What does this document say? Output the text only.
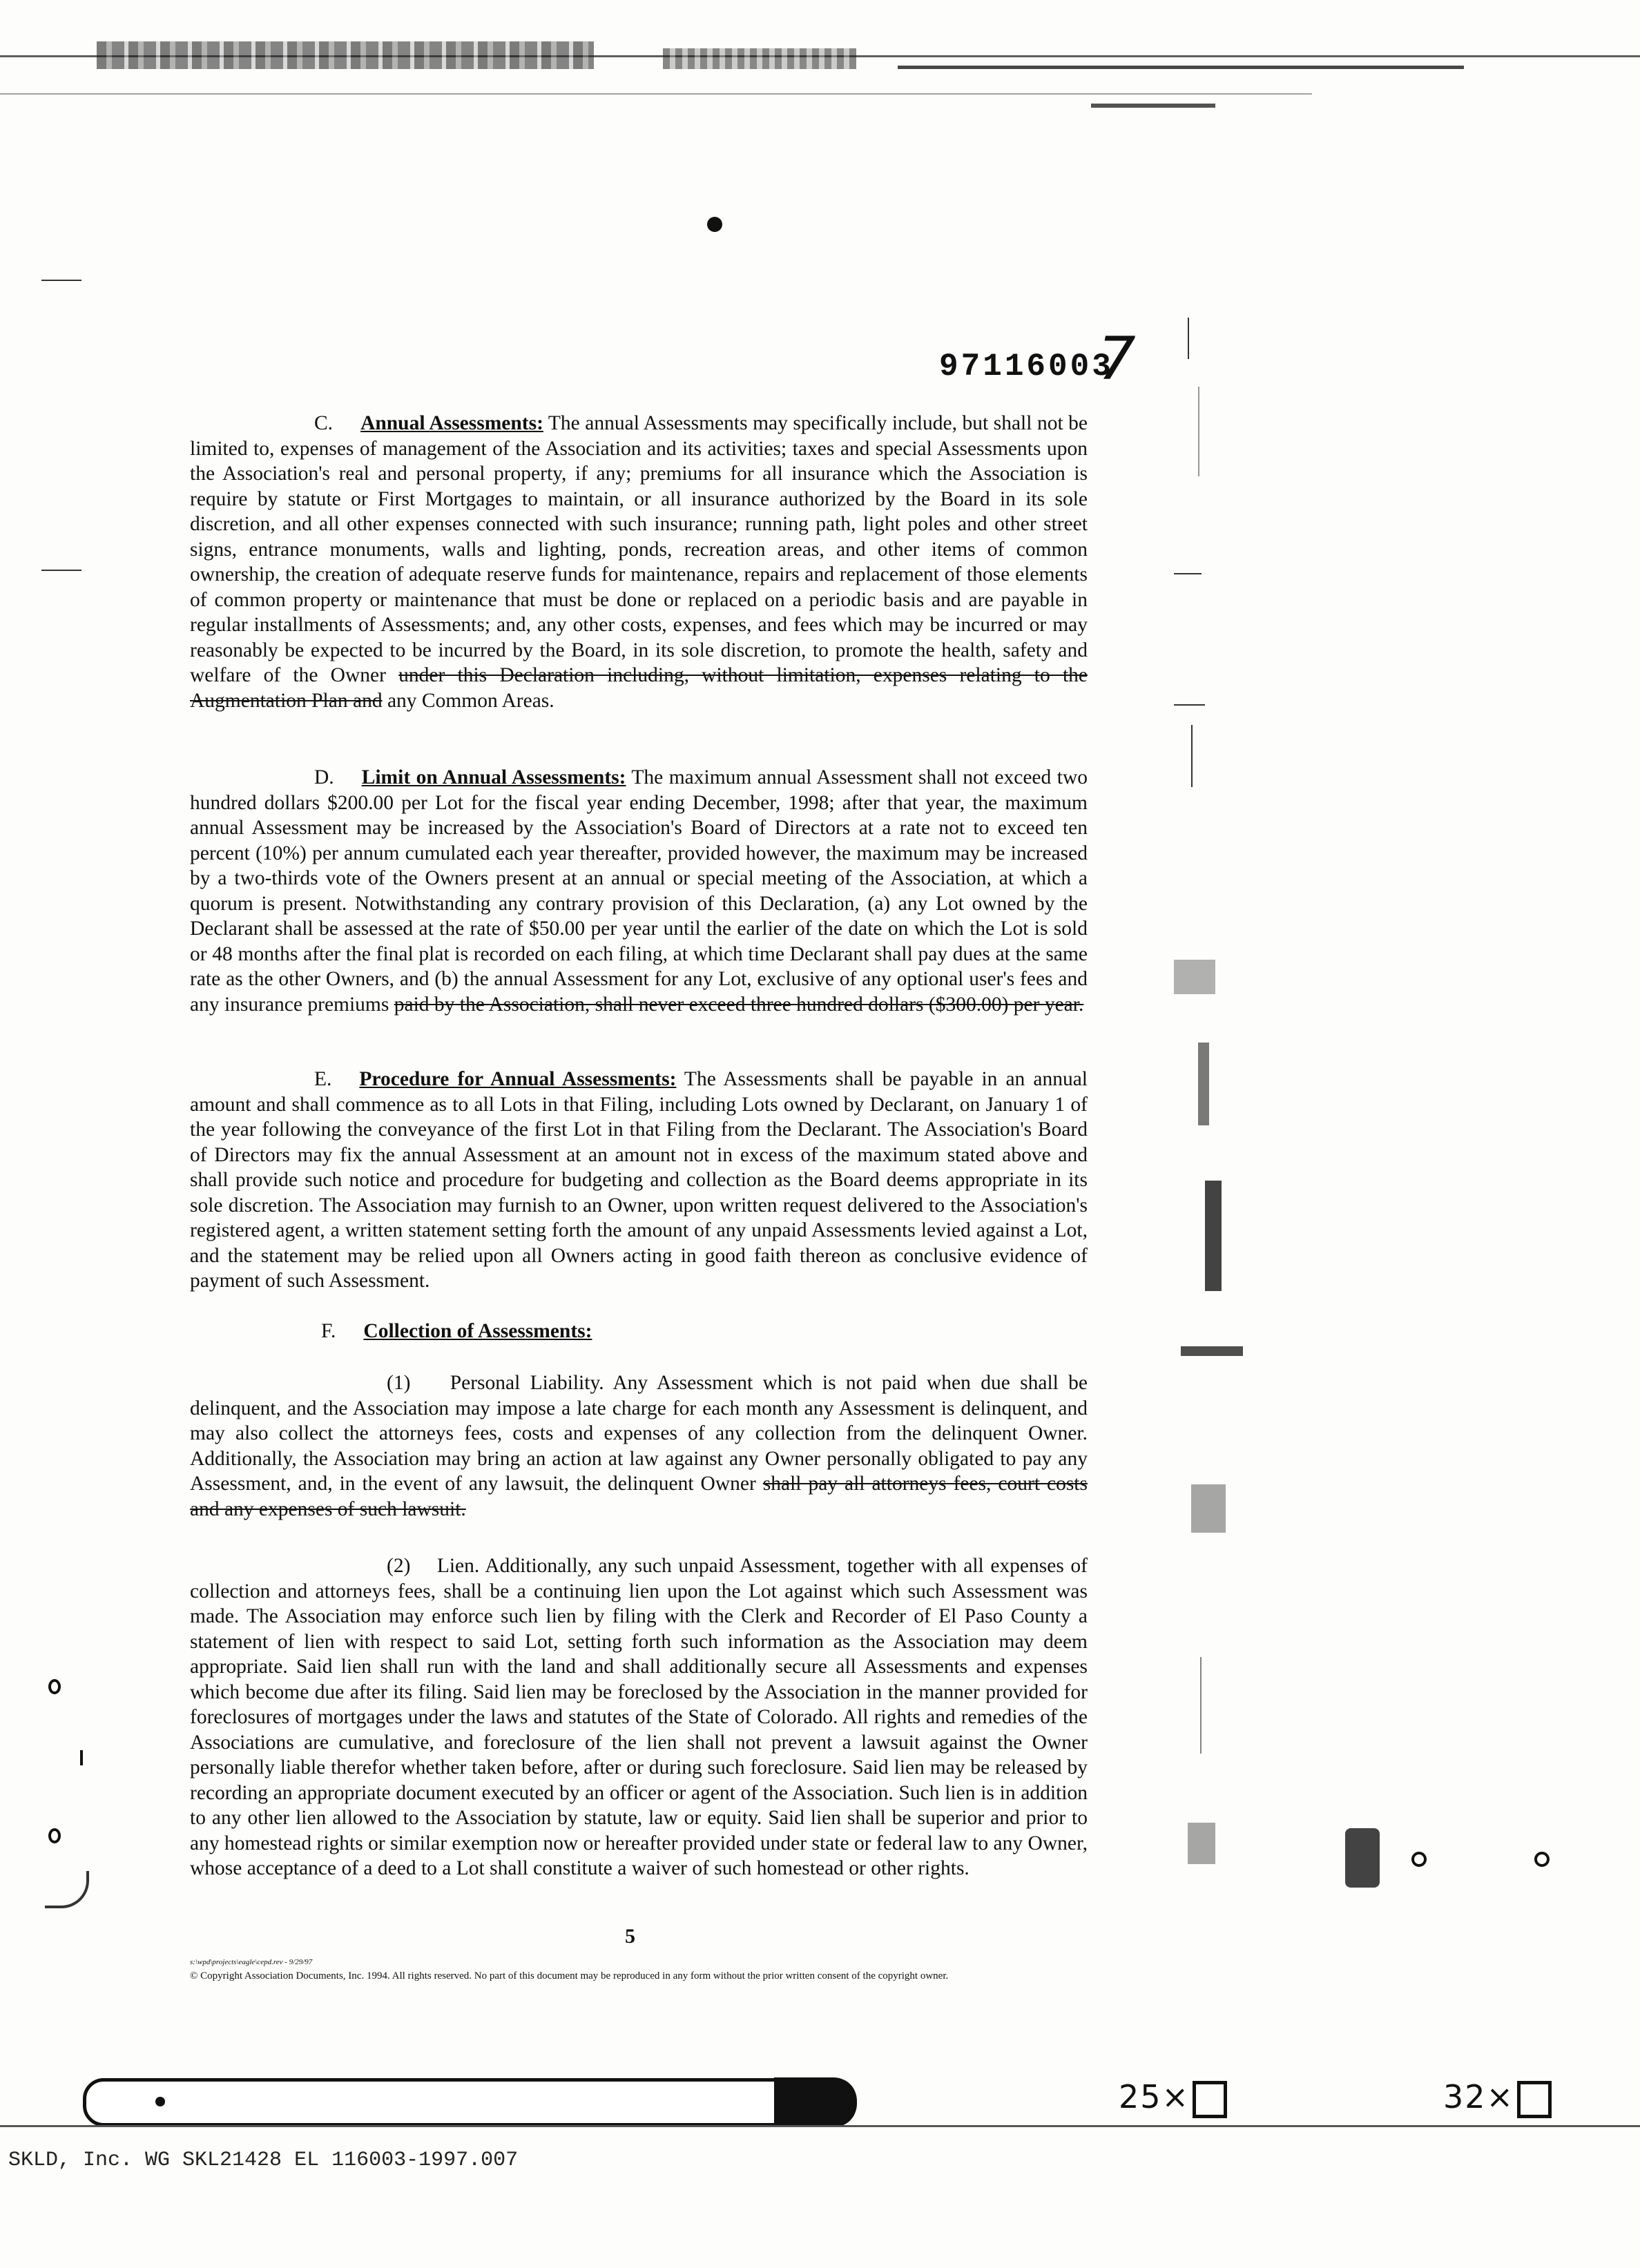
97116003
7
C. Annual Assessments: The annual Assessments may specifically include, but shall not be limited to, expenses of management of the Association and its activities; taxes and special Assessments upon the Association's real and personal property, if any; premiums for all insurance which the Association is require by statute or First Mortgages to maintain, or all insurance authorized by the Board in its sole discretion, and all other expenses connected with such insurance; running path, light poles and other street signs, entrance monuments, walls and lighting, ponds, recreation areas, and other items of common ownership, the creation of adequate reserve funds for maintenance, repairs and replacement of those elements of common property or maintenance that must be done or replaced on a periodic basis and are payable in regular installments of Assessments; and, any other costs, expenses, and fees which may be incurred or may reasonably be expected to be incurred by the Board, in its sole discretion, to promote the health, safety and welfare of the Owner under this Declaration including, without limitation, expenses relating to the Augmentation Plan and any Common Areas.
D. Limit on Annual Assessments: The maximum annual Assessment shall not exceed two hundred dollars $200.00 per Lot for the fiscal year ending December, 1998; after that year, the maximum annual Assessment may be increased by the Association's Board of Directors at a rate not to exceed ten percent (10%) per annum cumulated each year thereafter, provided however, the maximum may be increased by a two-thirds vote of the Owners present at an annual or special meeting of the Association, at which a quorum is present. Notwithstanding any contrary provision of this Declaration, (a) any Lot owned by the Declarant shall be assessed at the rate of $50.00 per year until the earlier of the date on which the Lot is sold or 48 months after the final plat is recorded on each filing, at which time Declarant shall pay dues at the same rate as the other Owners, and (b) the annual Assessment for any Lot, exclusive of any optional user's fees and any insurance premiums paid by the Association, shall never exceed three hundred dollars ($300.00) per year.
E. Procedure for Annual Assessments: The Assessments shall be payable in an annual amount and shall commence as to all Lots in that Filing, including Lots owned by Declarant, on January 1 of the year following the conveyance of the first Lot in that Filing from the Declarant. The Association's Board of Directors may fix the annual Assessment at an amount not in excess of the maximum stated above and shall provide such notice and procedure for budgeting and collection as the Board deems appropriate in its sole discretion. The Association may furnish to an Owner, upon written request delivered to the Association's registered agent, a written statement setting forth the amount of any unpaid Assessments levied against a Lot, and the statement may be relied upon all Owners acting in good faith thereon as conclusive evidence of payment of such Assessment.
F. Collection of Assessments:
(1) Personal Liability. Any Assessment which is not paid when due shall be delinquent, and the Association may impose a late charge for each month any Assessment is delinquent, and may also collect the attorneys fees, costs and expenses of any collection from the delinquent Owner. Additionally, the Association may bring an action at law against any Owner personally obligated to pay any Assessment, and, in the event of any lawsuit, the delinquent Owner shall pay all attorneys fees, court costs and any expenses of such lawsuit.
(2) Lien. Additionally, any such unpaid Assessment, together with all expenses of collection and attorneys fees, shall be a continuing lien upon the Lot against which such Assessment was made. The Association may enforce such lien by filing with the Clerk and Recorder of El Paso County a statement of lien with respect to said Lot, setting forth such information as the Association may deem appropriate. Said lien shall run with the land and shall additionally secure all Assessments and expenses which become due after its filing. Said lien may be foreclosed by the Association in the manner provided for foreclosures of mortgages under the laws and statutes of the State of Colorado. All rights and remedies of the Associations are cumulative, and foreclosure of the lien shall not prevent a lawsuit against the Owner personally liable therefor whether taken before, after or during such foreclosure. Said lien may be released by recording an appropriate document executed by an officer or agent of the Association. Such lien is in addition to any other lien allowed to the Association by statute, law or equity. Said lien shall be superior and prior to any homestead rights or similar exemption now or hereafter provided under state or federal law to any Owner, whose acceptance of a deed to a Lot shall constitute a waiver of such homestead or other rights.
5
s:\wpd\projects\eagle\cepd.rev - 9/29/97
© Copyright Association Documents, Inc. 1994. All rights reserved. No part of this document may be reproduced in any form without the prior written consent of the copyright owner.
25×	32×
SKLD, Inc. WG SKL21428 EL 116003-1997.007
